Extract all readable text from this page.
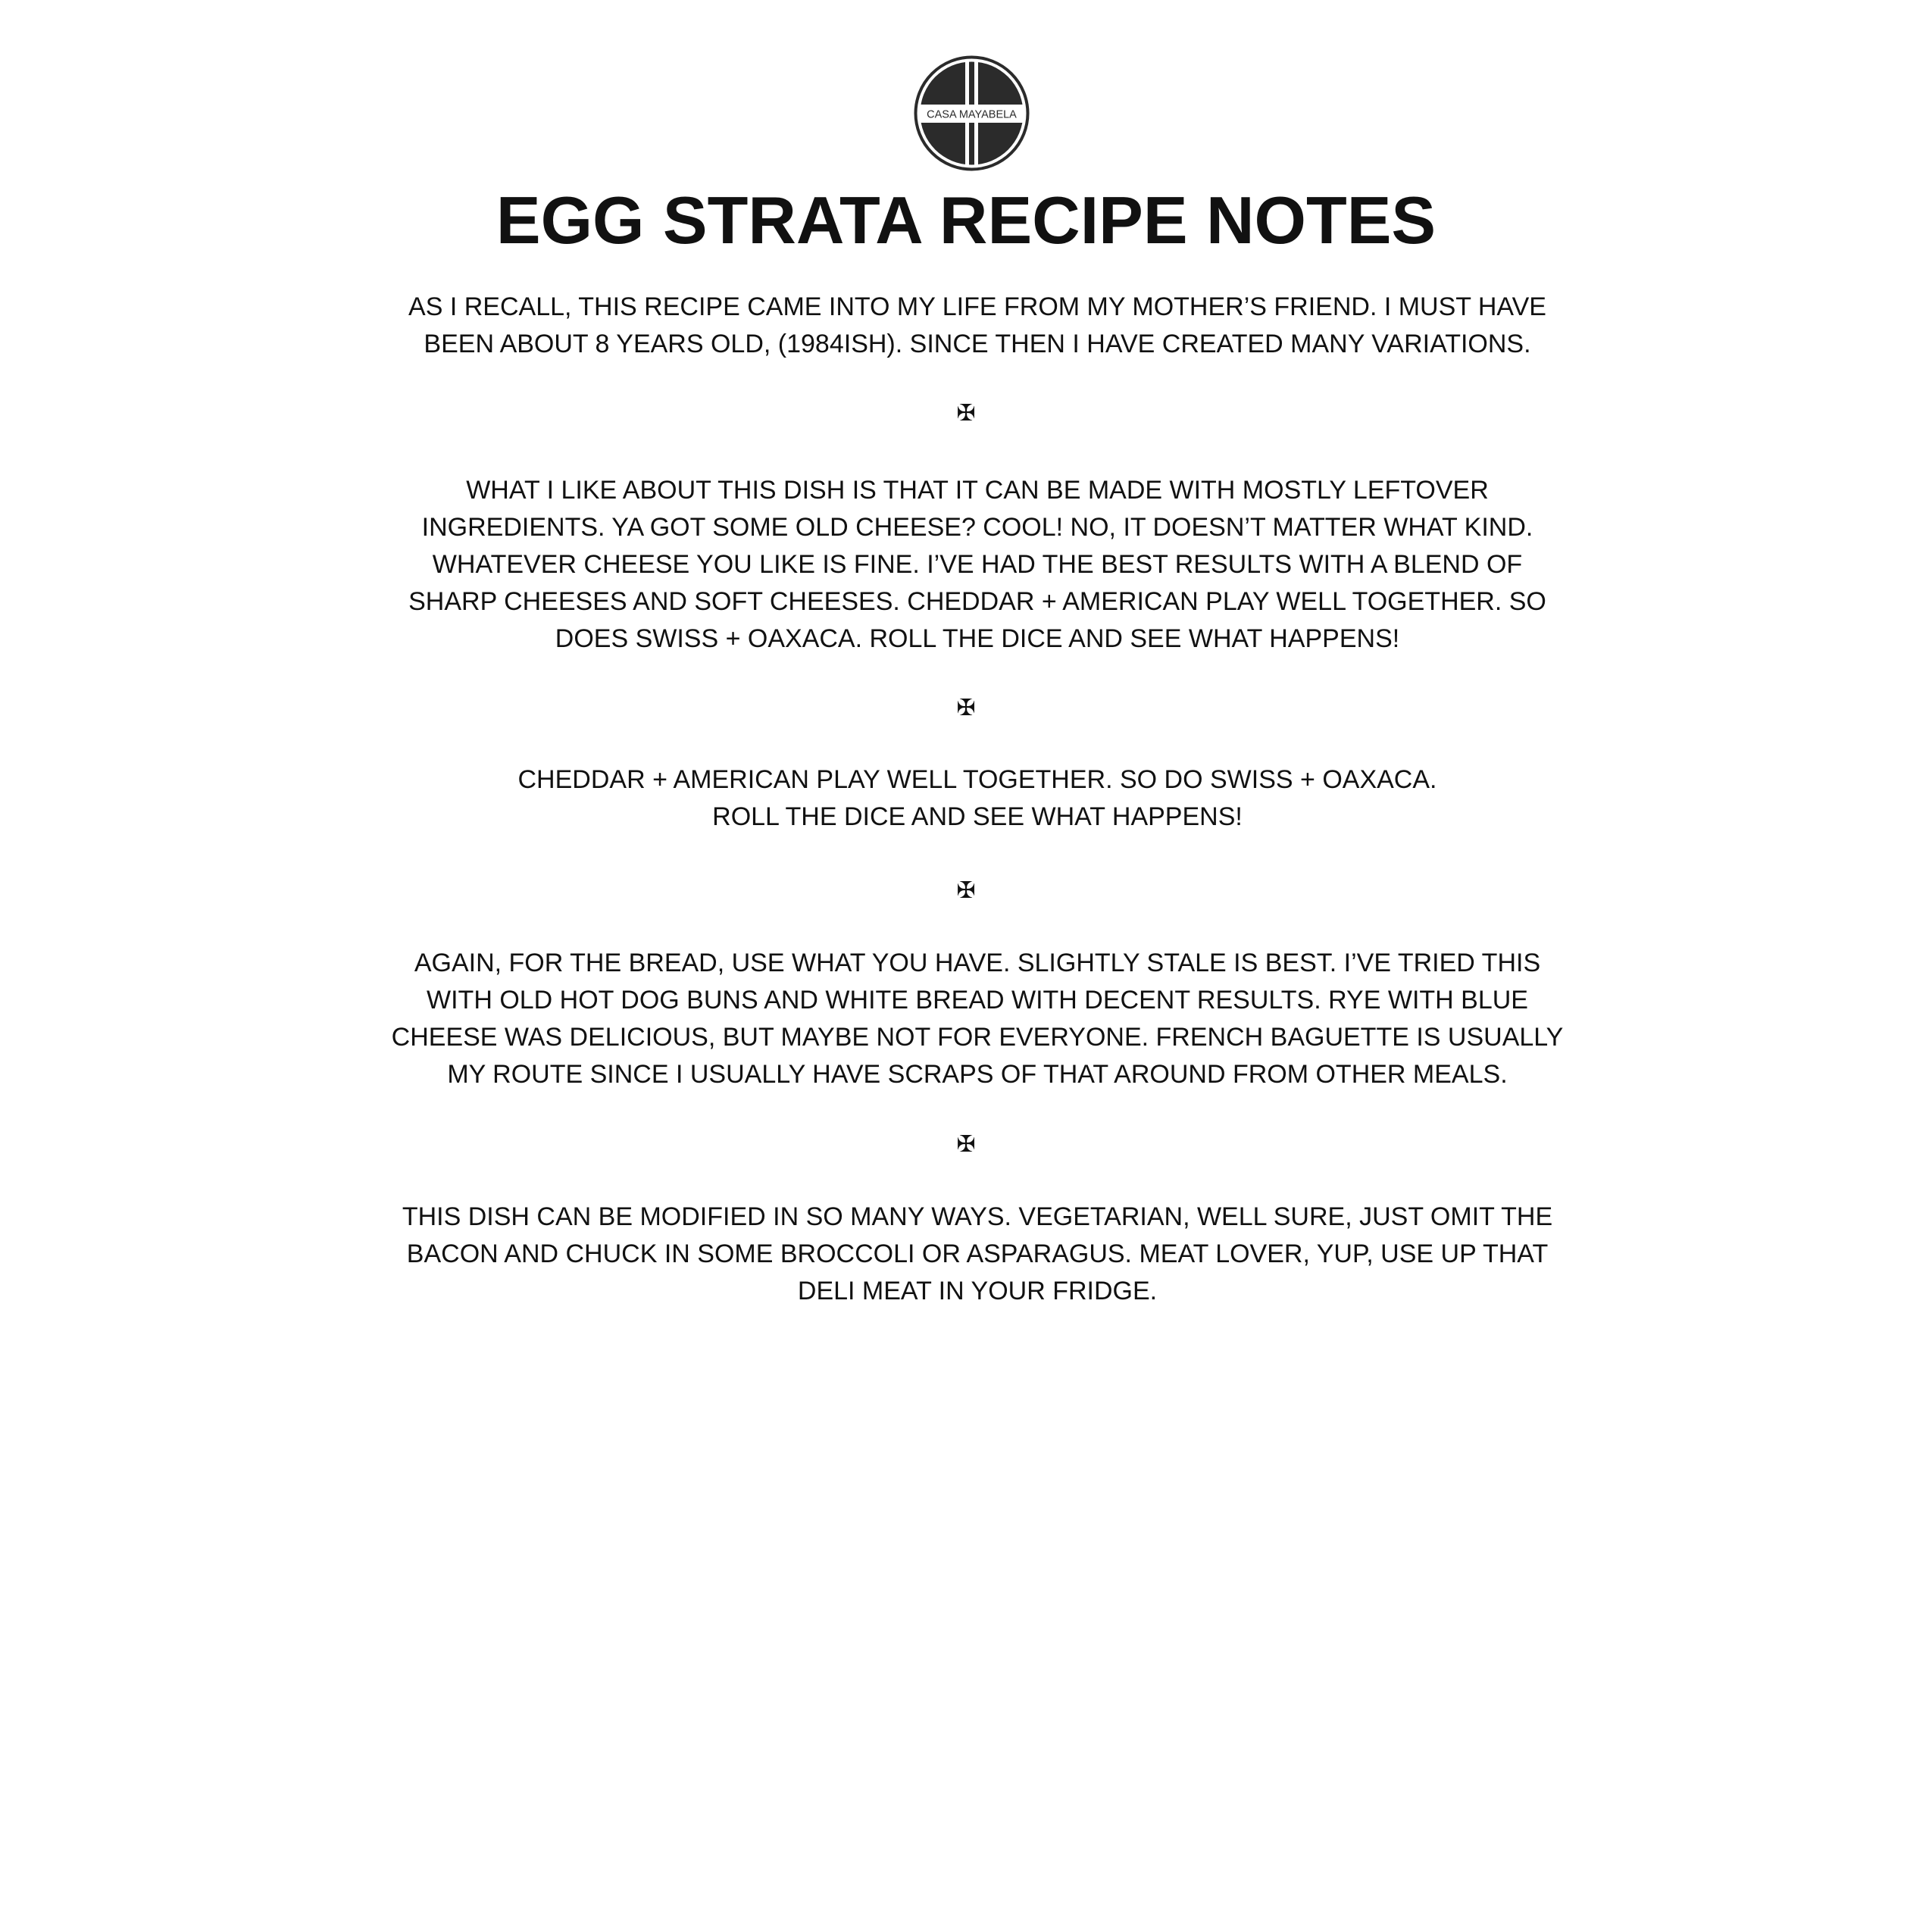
CASA MAYABELA
EGG STRATA RECIPE NOTES

AS I RECALL, THIS RECIPE CAME INTO MY LIFE FROM MY MOTHER’S FRIEND. I MUST HAVE
BEEN ABOUT 8 YEARS OLD, (1984ISH). SINCE THEN I HAVE CREATED MANY VARIATIONS.

✠

WHAT I LIKE ABOUT THIS DISH IS THAT IT CAN BE MADE WITH MOSTLY LEFTOVER
INGREDIENTS. YA GOT SOME OLD CHEESE? COOL! NO, IT DOESN’T MATTER WHAT KIND.
WHATEVER CHEESE YOU LIKE IS FINE. I’VE HAD THE BEST RESULTS WITH A BLEND OF
SHARP CHEESES AND SOFT CHEESES. CHEDDAR + AMERICAN PLAY WELL TOGETHER. SO
DOES SWISS + OAXACA. ROLL THE DICE AND SEE WHAT HAPPENS!

✠

CHEDDAR + AMERICAN PLAY WELL TOGETHER. SO DO SWISS + OAXACA.
ROLL THE DICE AND SEE WHAT HAPPENS!

✠

AGAIN, FOR THE BREAD, USE WHAT YOU HAVE. SLIGHTLY STALE IS BEST. I’VE TRIED THIS
WITH OLD HOT DOG BUNS AND WHITE BREAD WITH DECENT RESULTS. RYE WITH BLUE
CHEESE WAS DELICIOUS, BUT MAYBE NOT FOR EVERYONE. FRENCH BAGUETTE IS USUALLY
MY ROUTE SINCE I USUALLY HAVE SCRAPS OF THAT AROUND FROM OTHER MEALS.

✠

THIS DISH CAN BE MODIFIED IN SO MANY WAYS. VEGETARIAN, WELL SURE, JUST OMIT THE
BACON AND CHUCK IN SOME BROCCOLI OR ASPARAGUS. MEAT LOVER, YUP, USE UP THAT
DELI MEAT IN YOUR FRIDGE.
